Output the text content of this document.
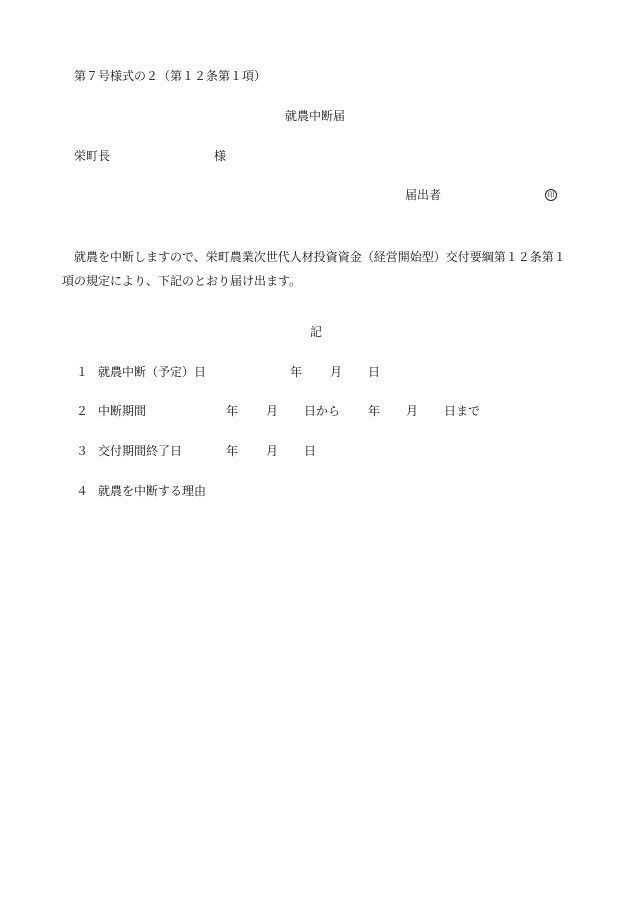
第７号様式の２（第１２条第１項）
就農中断届
栄町長	様
届出者	印
就農を中断しますので、栄町農業次世代人材投資資金（経営開始型）交付要綱第１２条第１項の規定により、下記のとおり届け出ます。
記
１ 就農中断（予定）日	年 月 日
２ 中断期間	年 月 日から 年 月 日まで
３ 交付期間終了日	年 月 日
４ 就農を中断する理由
